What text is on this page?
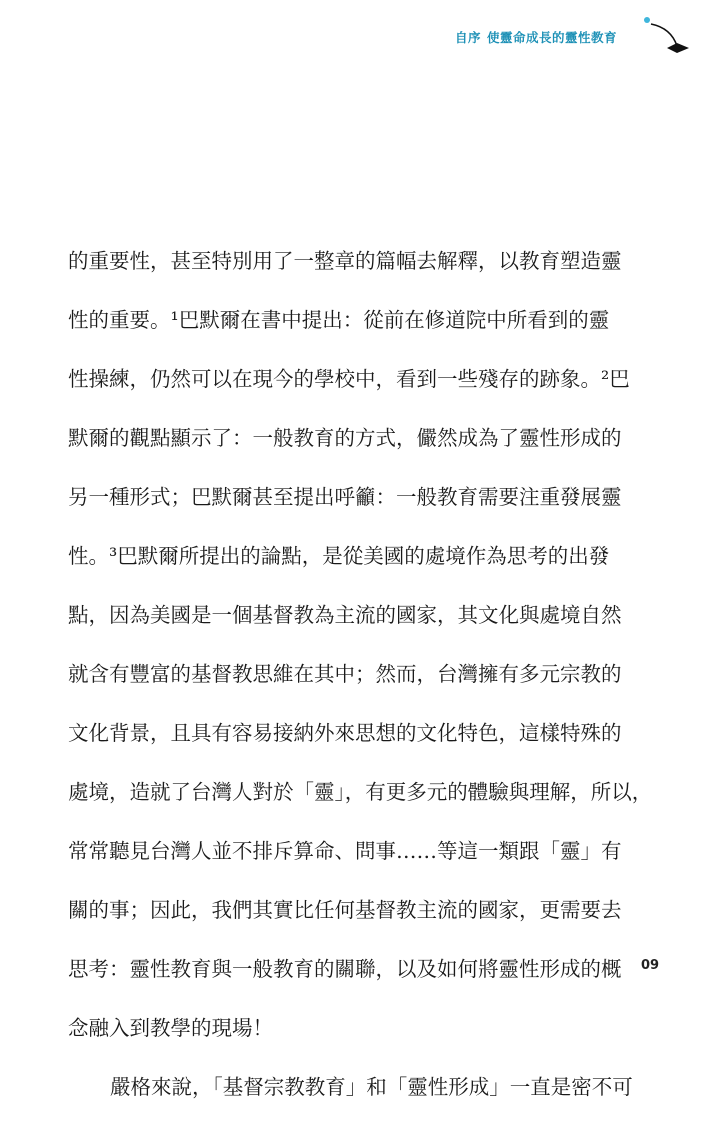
自序 使靈命成長的靈性教育
的重要性，甚至特別用了一整章的篇幅去解釋，以教育塑造靈
性的重要。¹巴默爾在書中提出：從前在修道院中所看到的靈
性操練，仍然可以在現今的學校中，看到一些殘存的跡象。²巴
默爾的觀點顯示了：一般教育的方式，儼然成為了靈性形成的
另一種形式；巴默爾甚至提出呼籲：一般教育需要注重發展靈
性。³巴默爾所提出的論點，是從美國的處境作為思考的出發
點，因為美國是一個基督教為主流的國家，其文化與處境自然
就含有豐富的基督教思維在其中；然而，台灣擁有多元宗教的
文化背景，且具有容易接納外來思想的文化特色，這樣特殊的
處境，造就了台灣人對於「靈」，有更多元的體驗與理解，所以，
常常聽見台灣人並不排斥算命、問事……等這一類跟「靈」有
關的事；因此，我們其實比任何基督教主流的國家，更需要去
思考：靈性教育與一般教育的關聯，以及如何將靈性形成的概
念融入到教學的現場！
嚴格來說，「基督宗教教育」和「靈性形成」一直是密不可
09
